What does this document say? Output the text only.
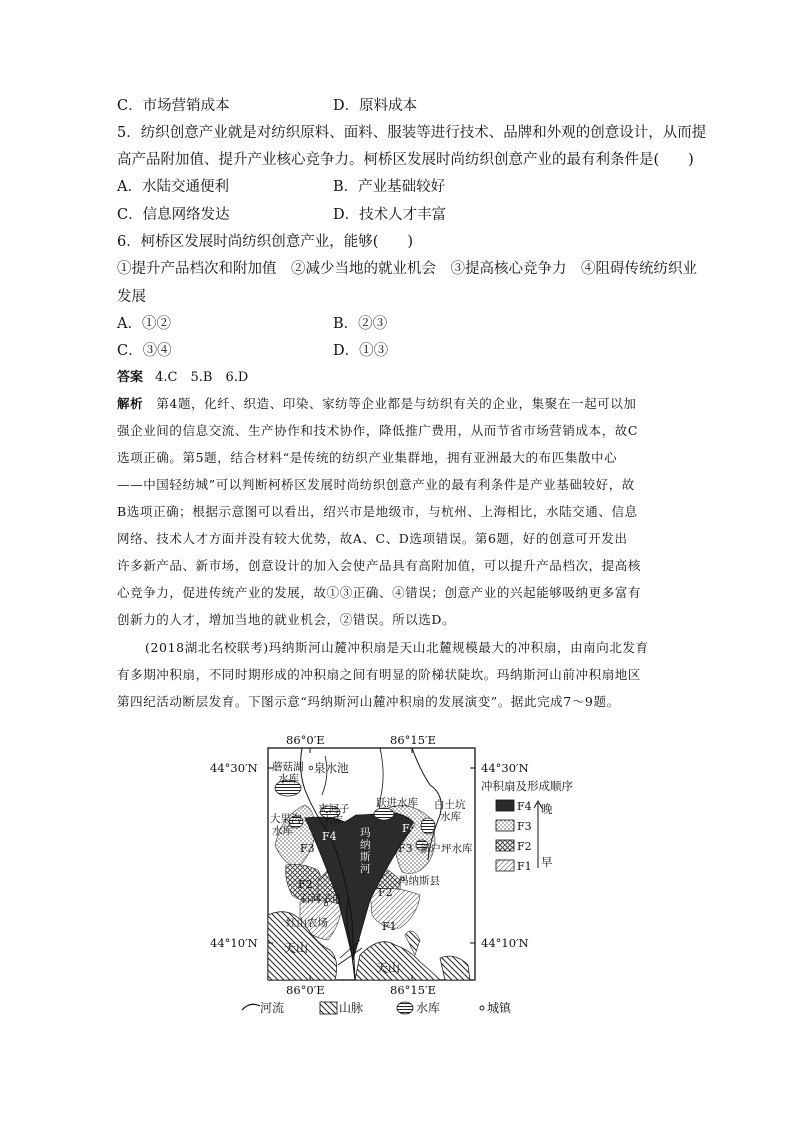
C．市场营销成本	D．原料成本
5．纺织创意产业就是对纺织原料、面料、服装等进行技术、品牌和外观的创意设计，从而提
高产品附加值、提升产业核心竞争力。柯桥区发展时尚纺织创意产业的最有利条件是(　　)
A．水陆交通便利	B．产业基础较好
C．信息网络发达	D．技术人才丰富
6．柯桥区发展时尚纺织创意产业，能够(　　)
①提升产品档次和附加值　②减少当地的就业机会　③提高核心竞争力　④阻碍传统纺织业
发展
A．①②	B．②③
C．③④	D．①③
答案 4.C　5.B　6.D
解析　 第4题，化纤、织造、印染、家纺等企业都是与纺织有关的企业，集聚在一起可以加
强企业间的信息交流、生产协作和技术协作，降低推广费用，从而节省市场营销成本，故C
选项正确。第5题，结合材料“是传统的纺织产业集群地，拥有亚洲最大的布匹集散中心
——中国轻纺城”可以判断柯桥区发展时尚纺织创意产业的最有利条件是产业基础较好，故
B选项正确；根据示意图可以看出，绍兴市是地级市，与杭州、上海相比，水陆交通、信息
网络、技术人才方面并没有较大优势，故A、C、D选项错误。第6题，好的创意可开发出
许多新产品、新市场，创意设计的加入会使产品具有高附加值，可以提升产品档次，提高核
心竞争力，促进传统产业的发展，故①③正确、④错误；创意产业的兴起能够吸纳更多富有
创新力的人才，增加当地的就业机会，②错误。所以选D。
(2018湖北名校联考)玛纳斯河山麓冲积扇是天山北麓规模最大的冲积扇，由南向北发育
有多期冲积扇，不同时期形成的冲积扇之间有明显的阶梯状陡坎。玛纳斯河山前冲积扇地区
第四纪活动断层发育。下图示意“玛纳斯河山麓冲积扇的发展演变”。据此完成7～9题。
86°0′E	86°15′E
86°0′E	86°15′E
44°30′N	44°30′N
44°10′N	44°10′N
蘑菇湖
水库
泉水池
夹河子
水库
大果沟
水库
跃进水库 白土坑
水库
新户坪水库
玛纳斯县
石河子市
红山农场
天山
天山
玛
纳
斯
河
F4
F4
F3	F3
F2
F2
F1
冲积扇及形成顺序
F4
F3
F2
F1
晚
早
河流	山脉	水库	城镇
